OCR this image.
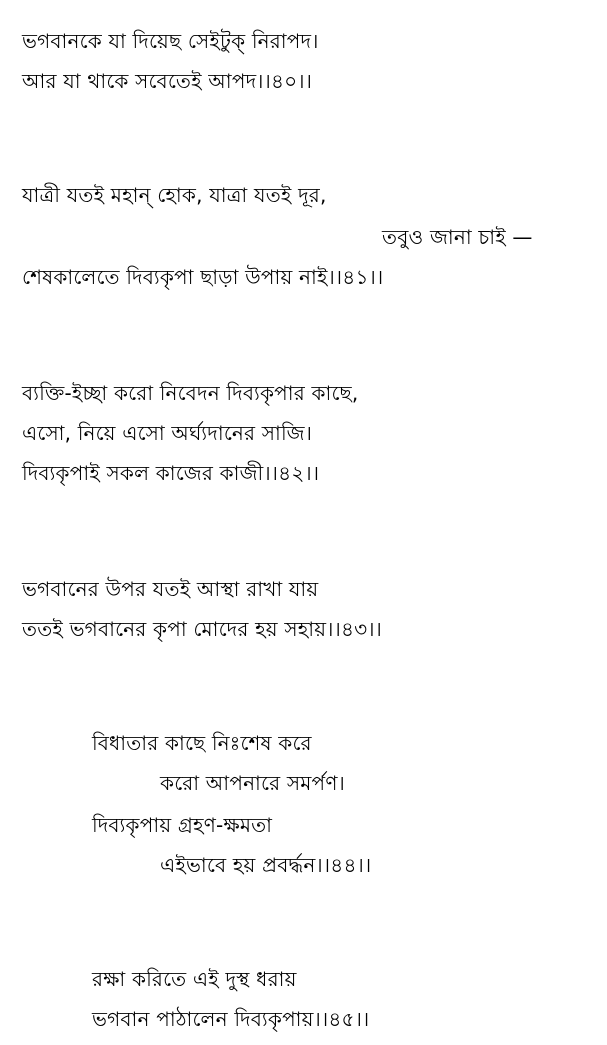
ভগবানকে যা দিয়েছ সেইটুক্ নিরাপদ।
আর যা থাকে সবেতেই আপদ।।৪০।।
যাত্রী যতই মহান্ হোক, যাত্রা যতই দূর,
তবুও জানা চাই —
শেষকালেতে দিব্যকৃপা ছাড়া উপায় নাই।।৪১।।
ব্যক্তি-ইচ্ছা করো নিবেদন দিব্যকৃপার কাছে,
এসো, নিয়ে এসো অর্ঘ্যদানের সাজি।
দিব্যকৃপাই সকল কাজের কাজী।।৪২।।
ভগবানের উপর যতই আস্থা রাখা যায়
ততই ভগবানের কৃপা মোদের হয় সহায়।।৪৩।।
বিধাতার কাছে নিঃশেষ করে
করো আপনারে সমর্পণ।
দিব্যকৃপায় গ্রহণ-ক্ষমতা
এইভাবে হয় প্রবর্দ্ধন।।৪৪।।
রক্ষা করিতে এই দুস্থ ধরায়
ভগবান পাঠালেন দিব্যকৃপায়।।৪৫।।
